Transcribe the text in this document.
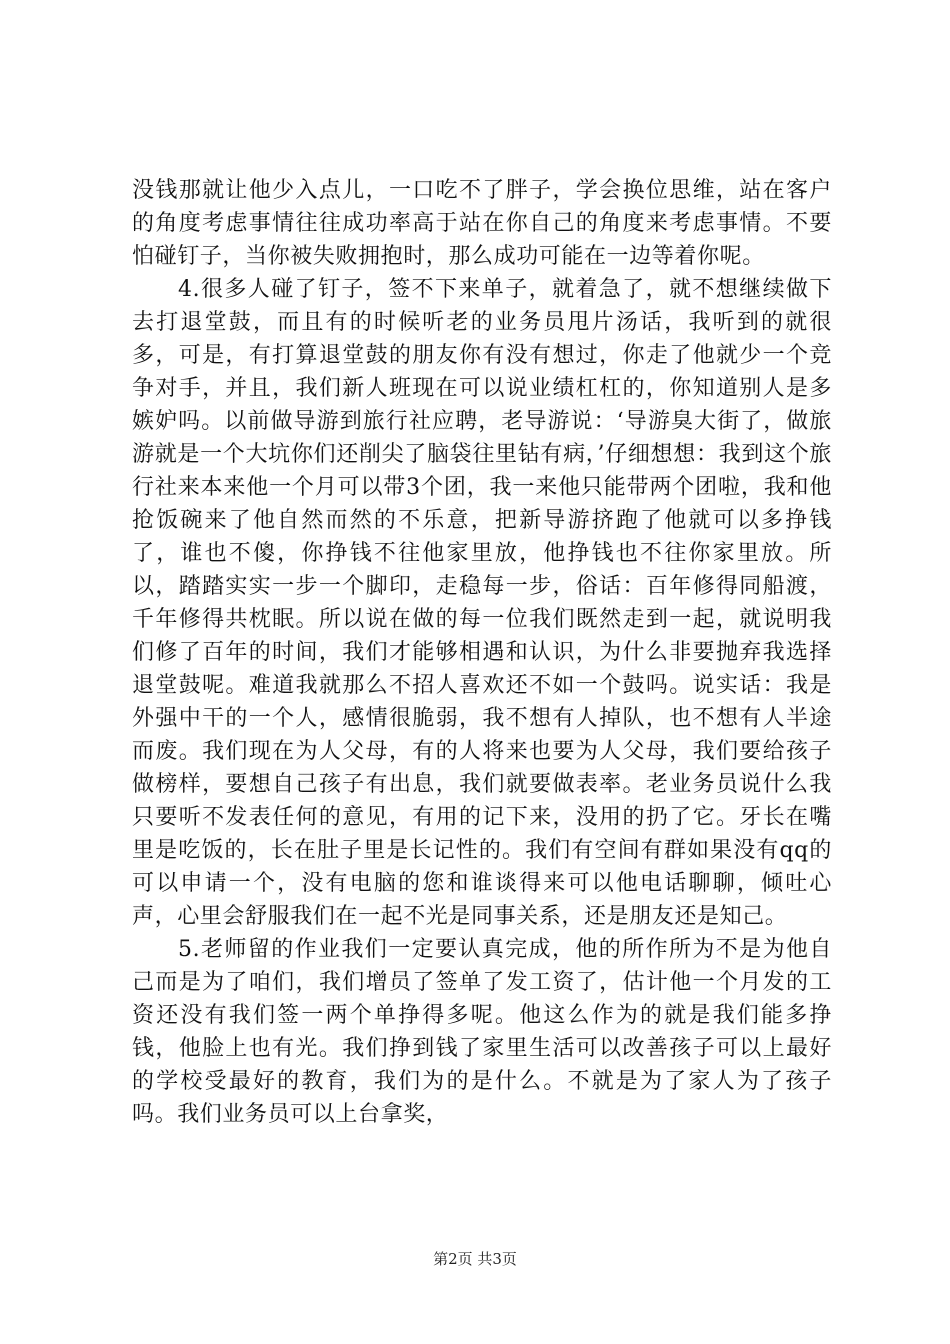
没钱那就让他少入点儿，一口吃不了胖子，学会换位思维，站在客户的角度考虑事情往往成功率高于站在你自己的角度来考虑事情。不要怕碰钉子，当你被失败拥抱时，那么成功可能在一边等着你呢。

4.很多人碰了钉子，签不下来单子，就着急了，就不想继续做下去打退堂鼓，而且有的时候听老的业务员甩片汤话，我听到的就很多，可是，有打算退堂鼓的朋友你有没有想过，你走了他就少一个竞争对手，并且，我们新人班现在可以说业绩杠杠的，你知道别人是多嫉妒吗。以前做导游到旅行社应聘，老导游说：‘导游臭大街了，做旅游就是一个大坑你们还削尖了脑袋往里钻有病，’仔细想想：我到这个旅行社来本来他一个月可以带3个团，我一来他只能带两个团啦，我和他抢饭碗来了他自然而然的不乐意，把新导游挤跑了他就可以多挣钱了，谁也不傻，你挣钱不往他家里放，他挣钱也不往你家里放。所以，踏踏实实一步一个脚印，走稳每一步，俗话：百年修得同船渡，千年修得共枕眠。所以说在做的每一位我们既然走到一起，就说明我们修了百年的时间，我们才能够相遇和认识，为什么非要抛弃我选择退堂鼓呢。难道我就那么不招人喜欢还不如一个鼓吗。说实话：我是外强中干的一个人，感情很脆弱，我不想有人掉队，也不想有人半途而废。我们现在为人父母，有的人将来也要为人父母，我们要给孩子做榜样，要想自己孩子有出息，我们就要做表率。老业务员说什么我只要听不发表任何的意见，有用的记下来，没用的扔了它。牙长在嘴里是吃饭的，长在肚子里是长记性的。我们有空间有群如果没有qq的可以申请一个，没有电脑的您和谁谈得来可以他电话聊聊，倾吐心声，心里会舒服我们在一起不光是同事关系，还是朋友还是知己。

5.老师留的作业我们一定要认真完成，他的所作所为不是为他自己而是为了咱们，我们增员了签单了发工资了，估计他一个月发的工资还没有我们签一两个单挣得多呢。他这么作为的就是我们能多挣钱，他脸上也有光。我们挣到钱了家里生活可以改善孩子可以上最好的学校受最好的教育，我们为的是什么。不就是为了家人为了孩子吗。我们业务员可以上台拿奖，

第2页 共3页
